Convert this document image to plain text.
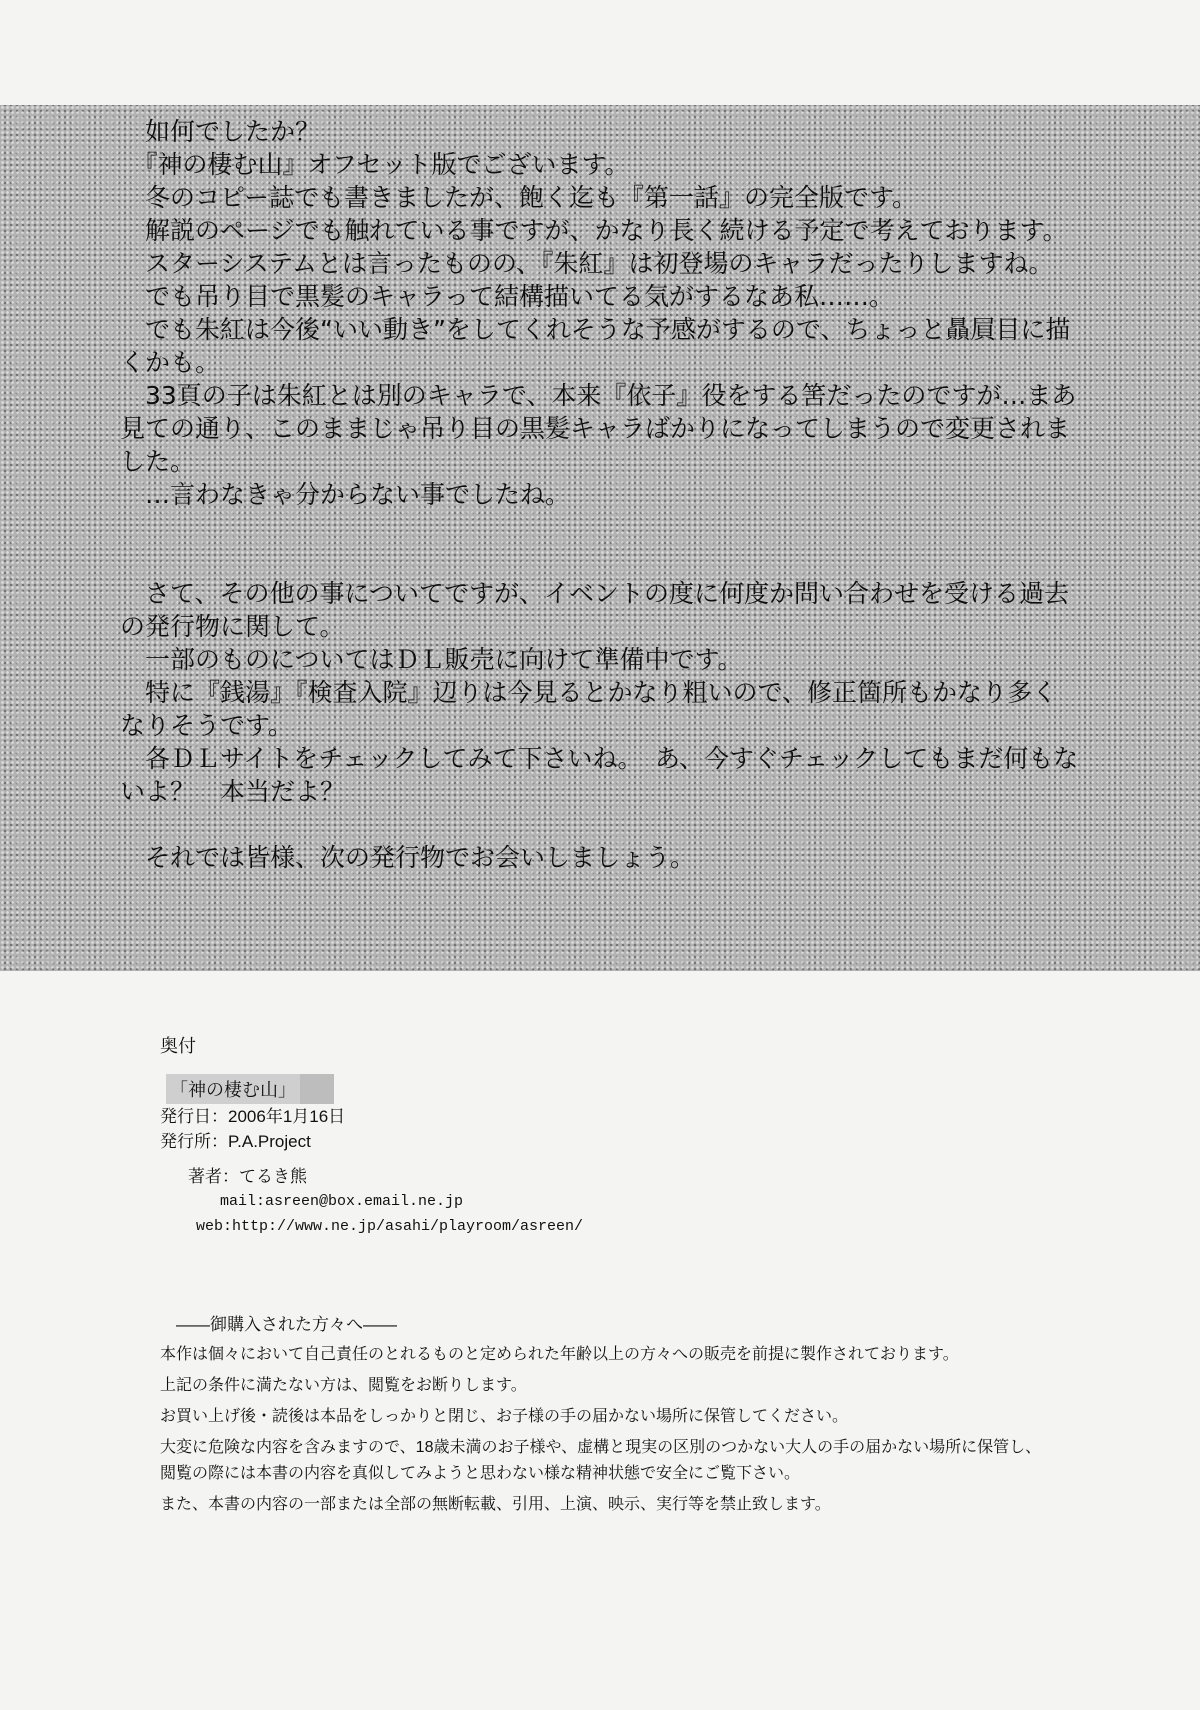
　如何でしたか？

　『神の棲む山』オフセット版でございます。

　冬のコピー誌でも書きましたが、飽く迄も『第一話』の完全版です。

　解説のページでも触れている事ですが、かなり長く続ける予定で考えております。

　スターシステムとは言ったものの、『朱紅』は初登場のキャラだったりしますね。

　でも吊り目で黒髪のキャラって結構描いてる気がするなあ私……。

　でも朱紅は今後“いい動き”をしてくれそうな予感がするので、ちょっと贔屓目に描くかも。

　33頁の子は朱紅とは別のキャラで、本来『依子』役をする筈だったのですが…まあ見ての通り、このままじゃ吊り目の黒髪キャラばかりになってしまうので変更されました。

　…言わなきゃ分からない事でしたね。

　さて、その他の事についてですが、イベントの度に何度か問い合わせを受ける過去の発行物に関して。

　一部のものについてはＤＬ販売に向けて準備中です。

　特に『銭湯』『検査入院』辺りは今見るとかなり粗いので、修正箇所もかなり多くなりそうです。

　各ＤＬサイトをチェックしてみて下さいね。　あ、今すぐチェックしてもまだ何もないよ？　本当だよ？

　それでは皆様、次の発行物でお会いしましょう。

奥付

「神の棲む山」

発行日：2006年1月16日

発行所：P.A.Project

著者：てるき熊

mail:asreen@box.email.ne.jp

web:http://www.ne.jp/asahi/playroom/asreen/

――御購入された方々へ――

本作は個々において自己責任のとれるものと定められた年齢以上の方々への販売を前提に製作されております。

上記の条件に満たない方は、閲覧をお断りします。

お買い上げ後・読後は本品をしっかりと閉じ、お子様の手の届かない場所に保管してください。

大変に危険な内容を含みますので、18歳未満のお子様や、虚構と現実の区別のつかない大人の手の届かない場所に保管し、

閲覧の際には本書の内容を真似してみようと思わない様な精神状態で安全にご覧下さい。

また、本書の内容の一部または全部の無断転載、引用、上演、映示、実行等を禁止致します。
